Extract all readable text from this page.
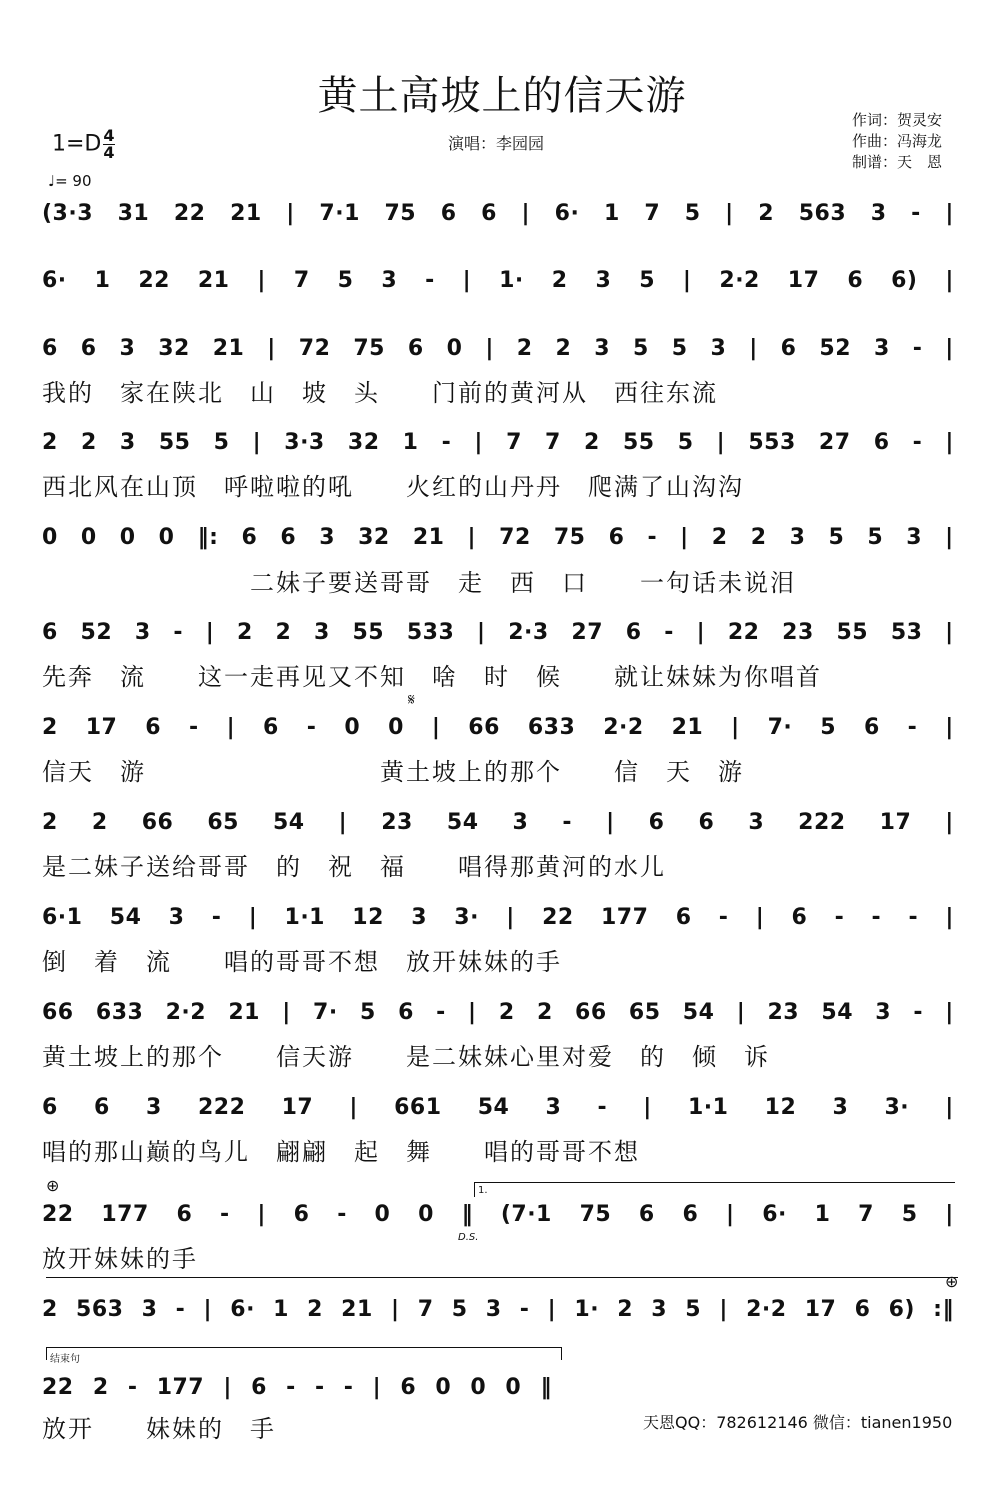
黄土高坡上的信天游
$1=D \frac{4}{4}$
♩= 90
演唱：李园园
作词：贺灵安
作曲：冯海龙
制谱：天　恩
(3·3 31 22 21 | 7·1 75 6 6 | 6· 1 7 5 | 2 563 3 - |
6· 1 22 21 | 7 5 3 - | 1· 2 3 5 | 2·2 17 6 6) |
6 6 3 32 21 | 72 75 6 0 | 2 2 3 5 5 3 | 6 52 3 - |
我的　家在陕北　山　坡　头　　门前的黄河从　西往东流
2 2 3 55 5 | 3·3 32 1 - | 7 7 2 55 5 | 553 27 6 - |
西北风在山顶　呼啦啦的吼　　火红的山丹丹　爬满了山沟沟
0 0 0 0 ‖: 6 6 3 32 21 | 72 75 6 - | 2 2 3 5 5 3 |
　　　　　　　　二妹子要送哥哥　走　西　口　　一句话未说泪
6 52 3 - | 2 2 3 55 533 | 2·3 27 6 - | 22 23 55 53 |
先奔　流　　这一走再见又不知　啥　时　候　　就让妹妹为你唱首
𝄋
2 17 6 - | 6 - 0 0 | 66 633 2·2 21 | 7· 5 6 - |
信天　游　　　　　　　　　黄土坡上的那个　　信　天　游
2 2 66 65 54 | 23 54 3 - | 6 6 3 222 17 |
是二妹子送给哥哥　的　祝　福　　唱得那黄河的水儿
6·1 54 3 - | 1·1 12 3 3· | 22 177 6 - | 6 - - - |
倒　着　流　　唱的哥哥不想　放开妹妹的手
66 633 2·2 21 | 7· 5 6 - | 2 2 66 65 54 | 23 54 3 - |
黄土坡上的那个　　信天游　　是二妹妹心里对爱　的　倾　诉
6 6 3 222 17 | 661 54 3 - | 1·1 12 3 3· |
唱的那山巅的鸟儿　翩翩　起　舞　　唱的哥哥不想
⊕	1.
22 177 6 - | 6 - 0 0 ‖ (7·1 75 6 6 | 6· 1 7 5 |
D.S.
放开妹妹的手
⊕
2 563 3 - | 6· 1 2 21 | 7 5 3 - | 1· 2 3 5 | 2·2 17 6 6) :‖
结束句
22 2 - 177 | 6 - - - | 6 0 0 0 ‖
放开　　妹妹的　手	天恩QQ：782612146 微信：tianen1950
